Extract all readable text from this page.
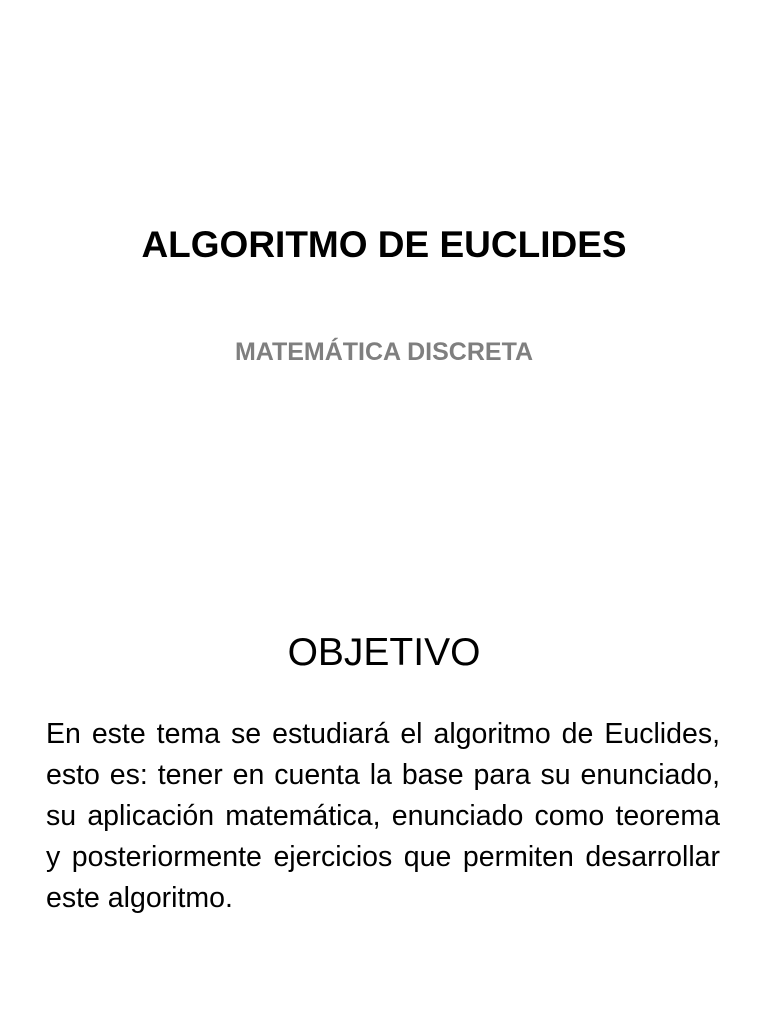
ALGORITMO DE EUCLIDES
MATEMÁTICA DISCRETA
OBJETIVO
En este tema se estudiará el algoritmo de Euclides, esto es: tener en cuenta la base para su enunciado, su aplicación matemática, enunciado como teorema y posteriormente ejercicios que permiten desarrollar este algoritmo.
